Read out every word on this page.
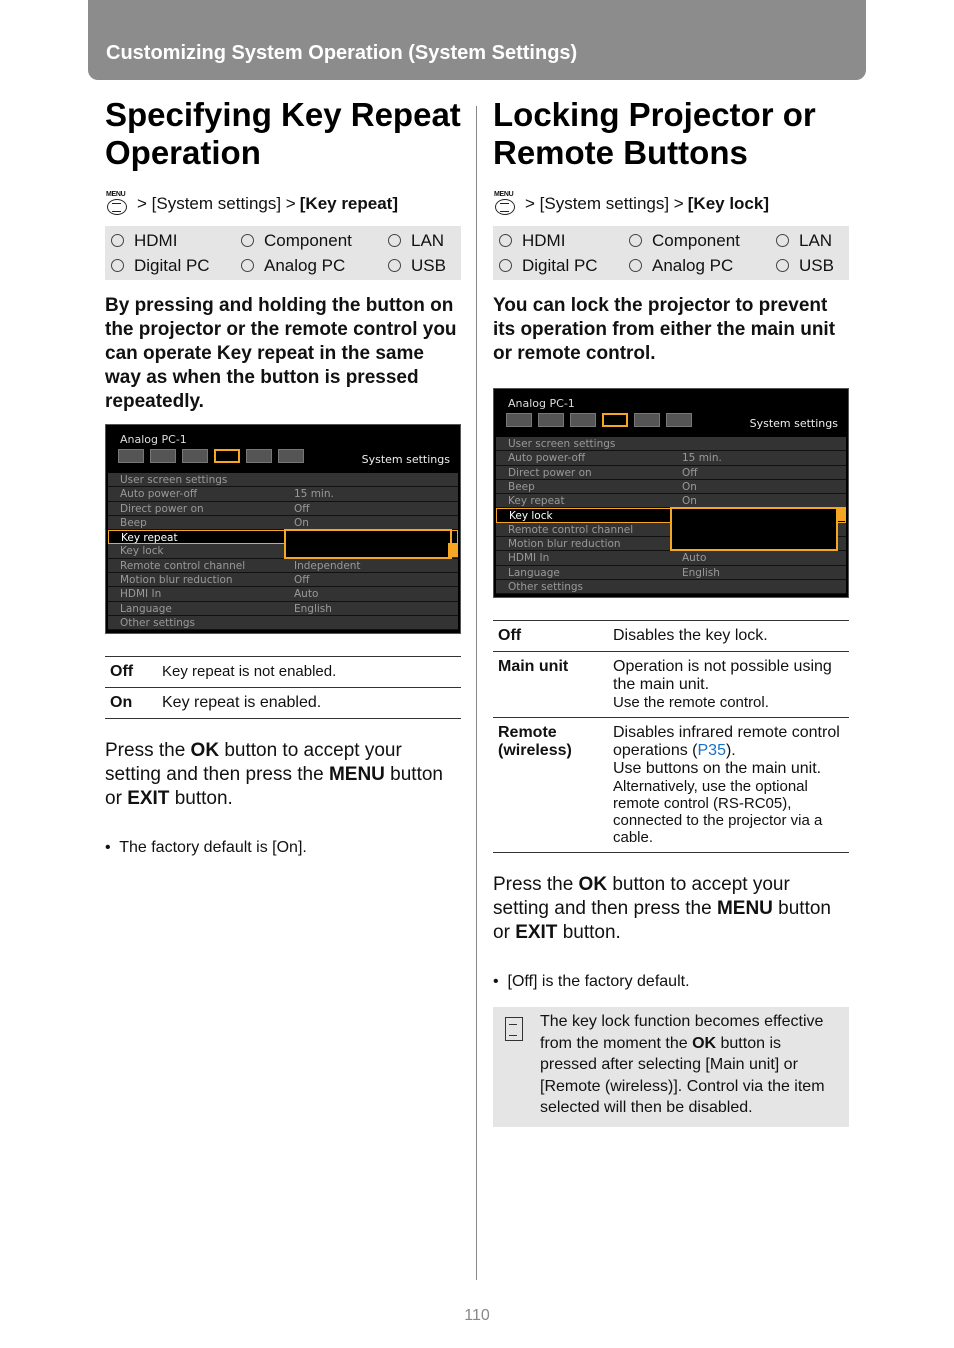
Customizing System Operation (System Settings)
Specifying Key Repeat Operation
MENU > [System settings] > [Key repeat]
HDMI	Component	LAN
Digital PC	Analog PC	USB
By pressing and holding the button on the projector or the remote control you can operate Key repeat in the same way as when the button is pressed repeatedly.
Analog PC-1
System settings
User screen settings
Auto power-off	15 min.
Direct power on	Off
Beep	On
Key repeat
Key lock
Remote control channel	Independent
Motion blur reduction	Off
HDMI In	Auto
Language	English
Other settings
Off	Key repeat is not enabled.
On	Key repeat is enabled.
Press the OK button to accept your setting and then press the MENU button or EXIT button.
•  The factory default is [On].
Locking Projector or Remote Buttons
MENU > [System settings] > [Key lock]
HDMI	Component	LAN
Digital PC	Analog PC	USB
You can lock the projector to prevent its operation from either the main unit or remote control.
Analog PC-1
System settings
User screen settings
Auto power-off	15 min.
Direct power on	Off
Beep	On
Key repeat	On
Key lock
Remote control channel
Motion blur reduction
HDMI In	Auto
Language	English
Other settings
Off	Disables the key lock.
Main unit	Operation is not possible using the main unit.
Use the remote control.

Remote (wireless)	Disables infrared remote control operations (P35).
Use buttons on the main unit.
Alternatively, use the optional remote control (RS-RC05), connected to the projector via a cable.
Press the OK button to accept your setting and then press the MENU button or EXIT button.
•  [Off] is the factory default.
The key lock function becomes effective from the moment the OK button is pressed after selecting [Main unit] or [Remote (wireless)]. Control via the item selected will then be disabled.
110
